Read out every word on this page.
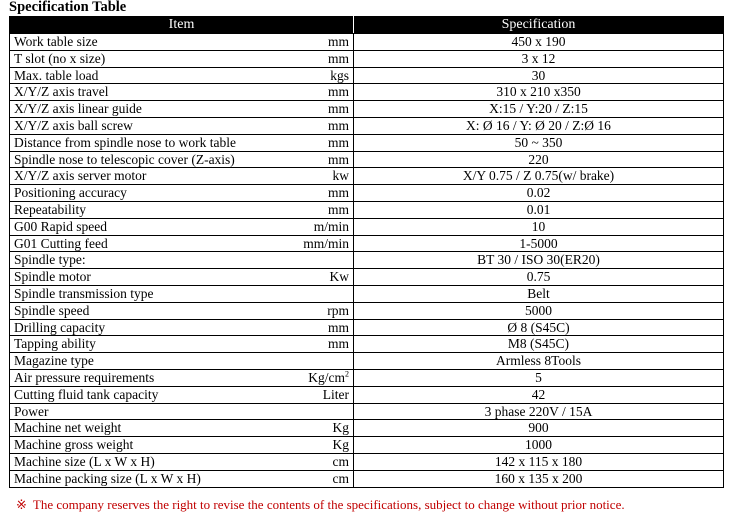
Specification Table
Item	Specification

Work table size mm	450 x 190

T slot (no x size) mm	3 x 12

Max. table load kgs	30

X/Y/Z axis travel mm	310 x 210 x350

X/Y/Z axis linear guide mm	X:15 / Y:20 / Z:15

X/Y/Z axis ball screw mm	X: Ø 16 / Y: Ø 20 / Z:Ø 16

Distance from spindle nose to work table mm	50 ~ 350

Spindle nose to telescopic cover (Z-axis) mm	220

X/Y/Z axis server motor kw	X/Y 0.75 / Z 0.75(w/ brake)

Positioning accuracy mm	0.02

Repeatability mm	0.01

G00 Rapid speed m/min	10

G01 Cutting feed mm/min	1-5000

Spindle type:	BT 30 / ISO 30(ER20)

Spindle motor Kw	0.75

Spindle transmission type	Belt

Spindle speed rpm	5000

Drilling capacity mm	Ø 8 (S45C)

Tapping ability mm	M8 (S45C)

Magazine type	Armless 8Tools

Air pressure requirements $Kg/cm^2$	5

Cutting fluid tank capacity Liter	42

Power	3 phase 220V / 15A

Machine net weight Kg	900

Machine gross weight Kg	1000

Machine size (L x W x H) cm	142 x 115 x 180

Machine packing size (L x W x H) cm	160 x 135 x 200
※ The company reserves the right to revise the contents of the specifications, subject to change without prior notice.
